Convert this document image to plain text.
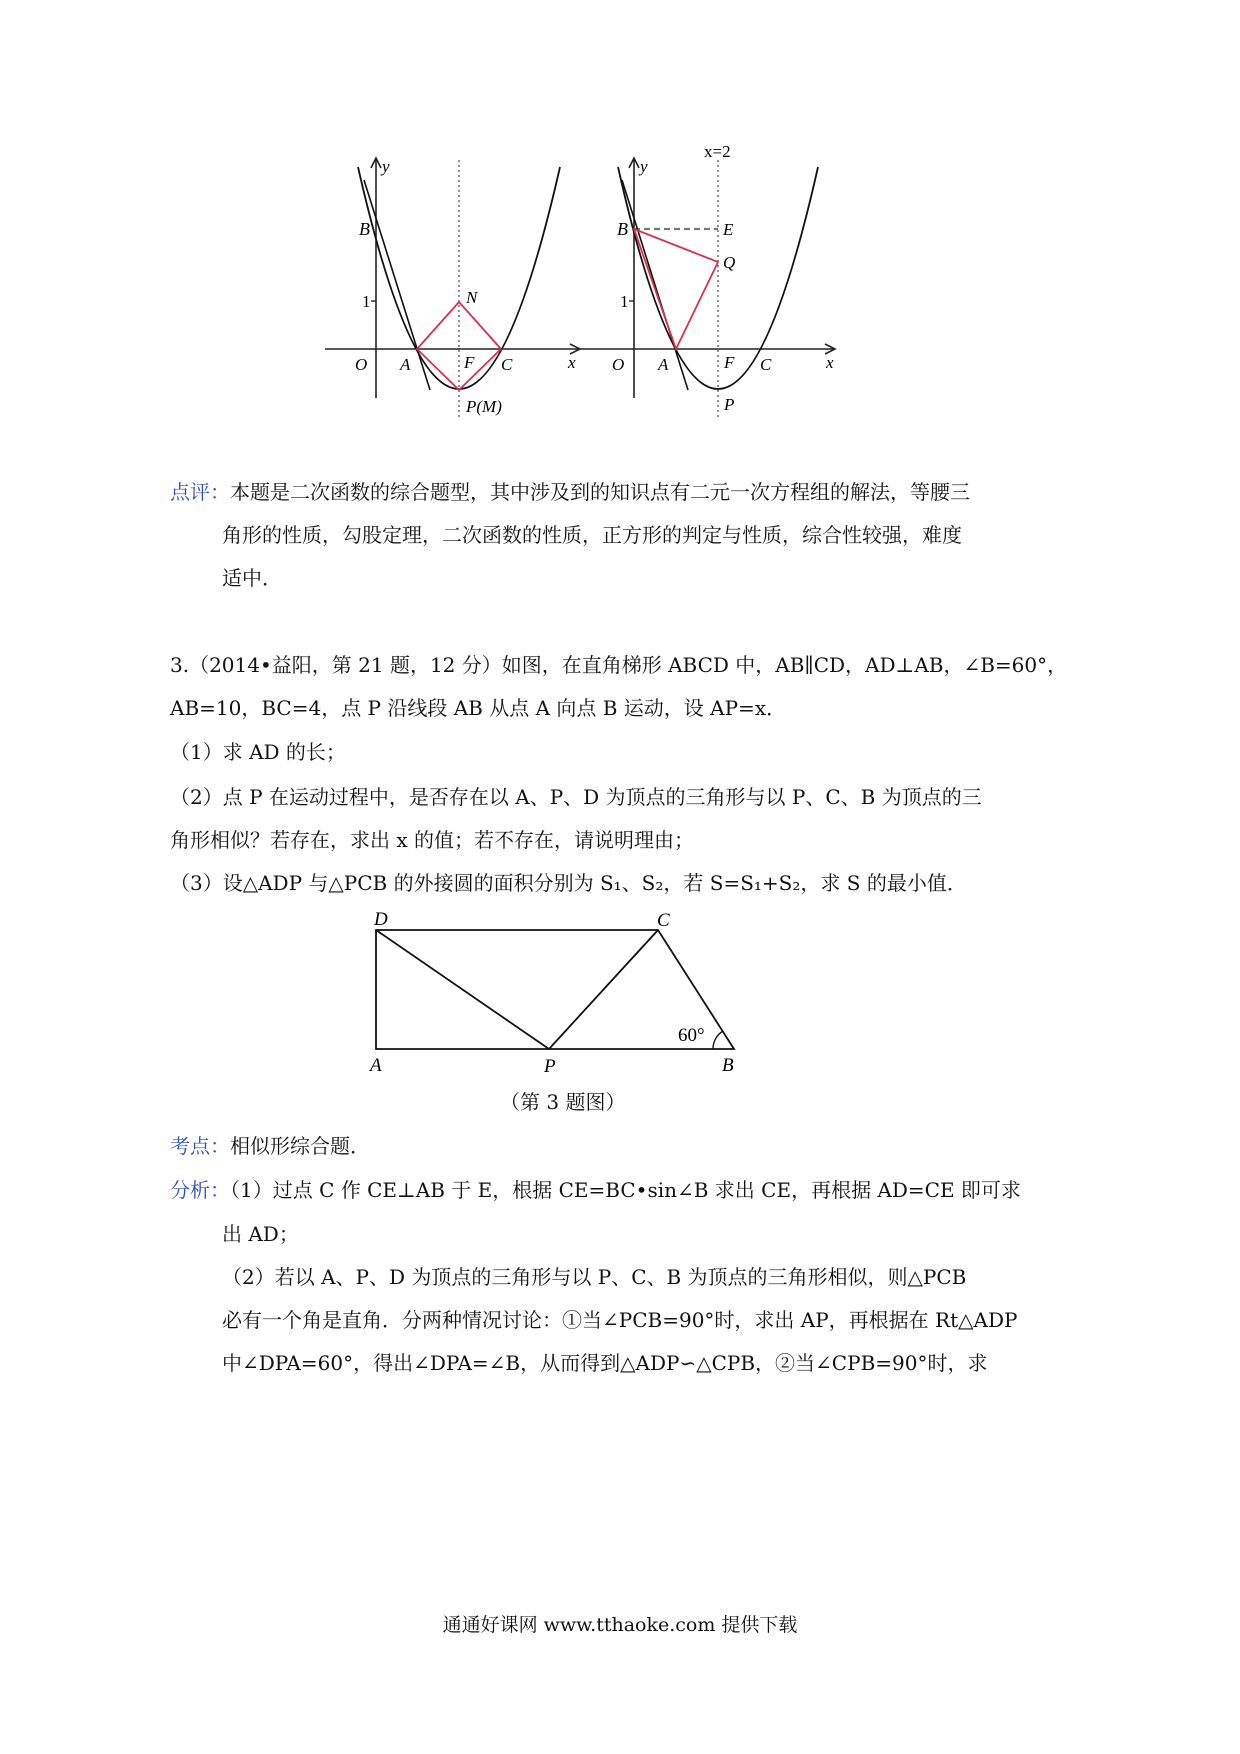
y
B
1	N
O A	F C	x
P(M)
x=2
y
B	E
Q
1
O A	F C	x
P
点评：本题是二次函数的综合题型，其中涉及到的知识点有二元一次方程组的解法，等腰三
角形的性质，勾股定理，二次函数的性质，正方形的判定与性质，综合性较强，难度
适中．
3.（2014•益阳，第 21 题，12 分）如图，在直角梯形 ABCD 中，AB∥CD，AD⊥AB，∠B=60°，
AB=10，BC=4，点 P 沿线段 AB 从点 A 向点 B 运动，设 AP=x．
（1）求 AD 的长；
（2）点 P 在运动过程中，是否存在以 A、P、D 为顶点的三角形与以 P、C、B 为顶点的三
角形相似？若存在，求出 x 的值；若不存在，请说明理由；
（3）设△ADP 与△PCB 的外接圆的面积分别为 S₁、S₂，若 S=S₁+S₂，求 S 的最小值．
D	C
A	P	B
60°
（第 3 题图）
考点：相似形综合题．
分析：（1）过点 C 作 CE⊥AB 于 E，根据 CE=BC•sin∠B 求出 CE，再根据 AD=CE 即可求
出 AD；
（2）若以 A、P、D 为顶点的三角形与以 P、C、B 为顶点的三角形相似，则△PCB
必有一个角是直角．分两种情况讨论：①当∠PCB=90°时，求出 AP，再根据在 Rt△ADP
中∠DPA=60°，得出∠DPA=∠B，从而得到△ADP∽△CPB，②当∠CPB=90°时，求
通通好课网 www.tthaoke.com 提供下载
